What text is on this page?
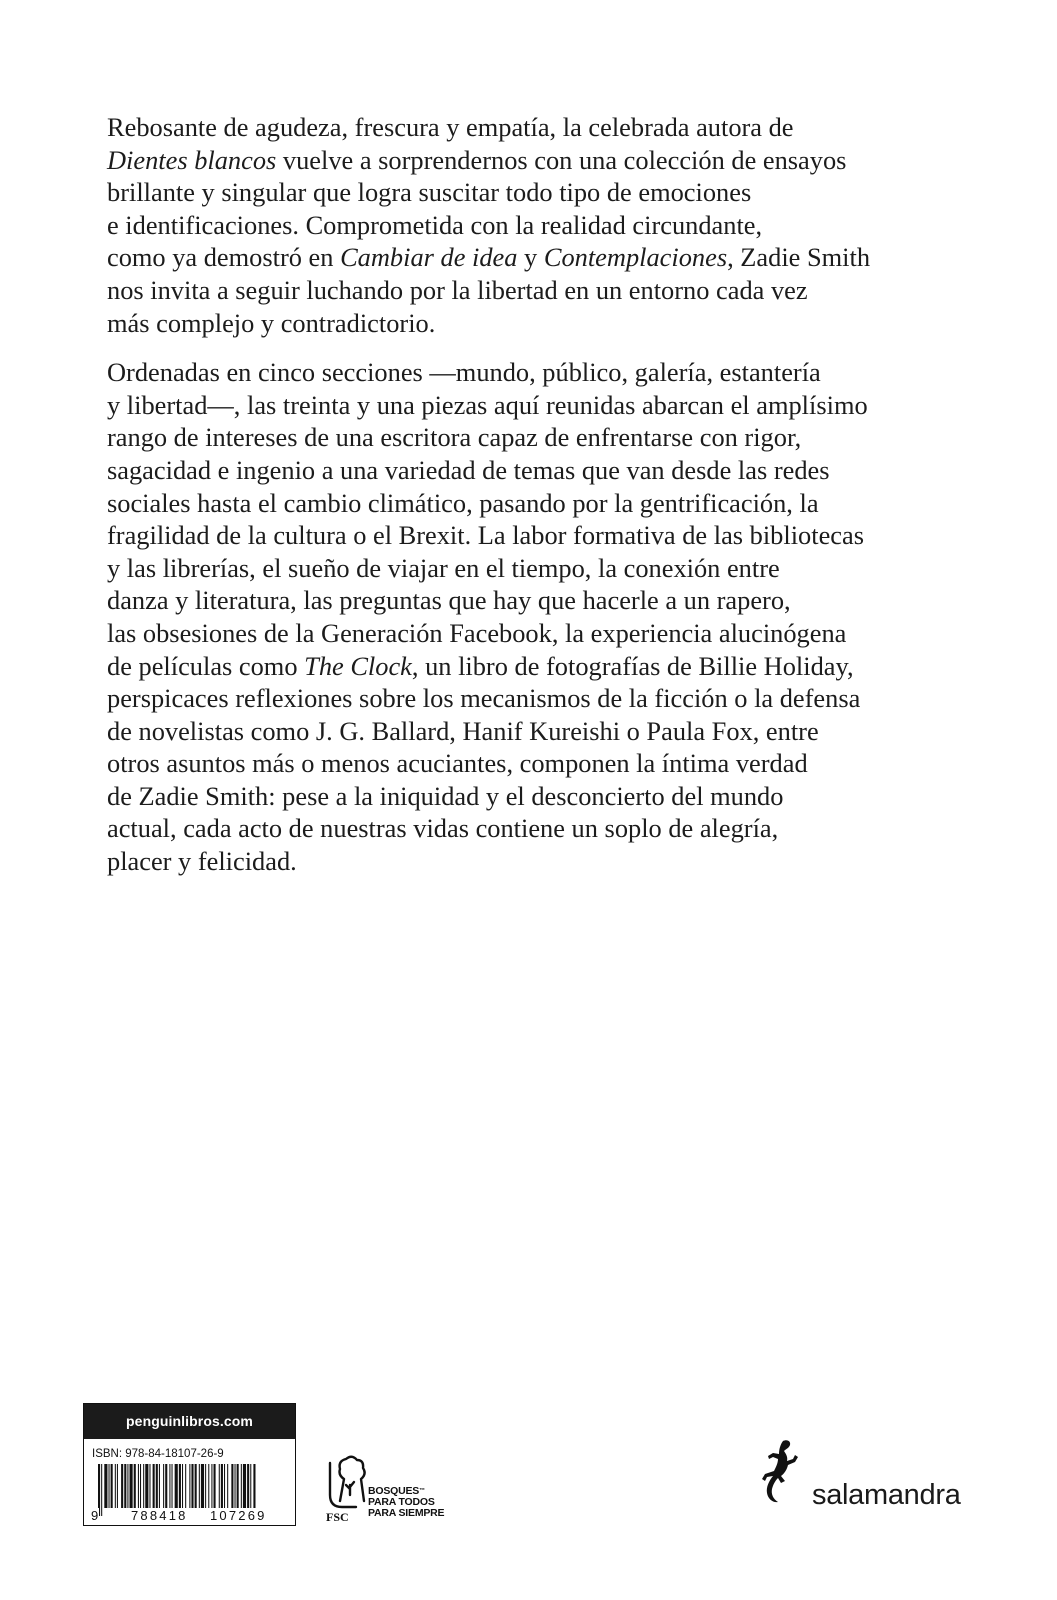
Rebosante de agudeza, frescura y empatía, la celebrada autora de
Dientes blancos vuelve a sorprendernos con una colección de ensayos
brillante y singular que logra suscitar todo tipo de emociones
e identificaciones. Comprometida con la realidad circundante,
como ya demostró en Cambiar de idea y Contemplaciones, Zadie Smith
nos invita a seguir luchando por la libertad en un entorno cada vez
más complejo y contradictorio.
Ordenadas en cinco secciones —mundo, público, galería, estantería
y libertad—, las treinta y una piezas aquí reunidas abarcan el amplísimo
rango de intereses de una escritora capaz de enfrentarse con rigor,
sagacidad e ingenio a una variedad de temas que van desde las redes
sociales hasta el cambio climático, pasando por la gentrificación, la
fragilidad de la cultura o el Brexit. La labor formativa de las bibliotecas
y las librerías, el sueño de viajar en el tiempo, la conexión entre
danza y literatura, las preguntas que hay que hacerle a un rapero,
las obsesiones de la Generación Facebook, la experiencia alucinógena
de películas como The Clock, un libro de fotografías de Billie Holiday,
perspicaces reflexiones sobre los mecanismos de la ficción o la defensa
de novelistas como J. G. Ballard, Hanif Kureishi o Paula Fox, entre
otros asuntos más o menos acuciantes, componen la íntima verdad
de Zadie Smith: pese a la iniquidad y el desconcierto del mundo
actual, cada acto de nuestras vidas contiene un soplo de alegría,
placer y felicidad.
penguinlibros.com
ISBN: 978-84-18107-26-9
9	788418 107269
BOSQUES™
PARA TODOS
PARA SIEMPRE
FSC
salamandra
